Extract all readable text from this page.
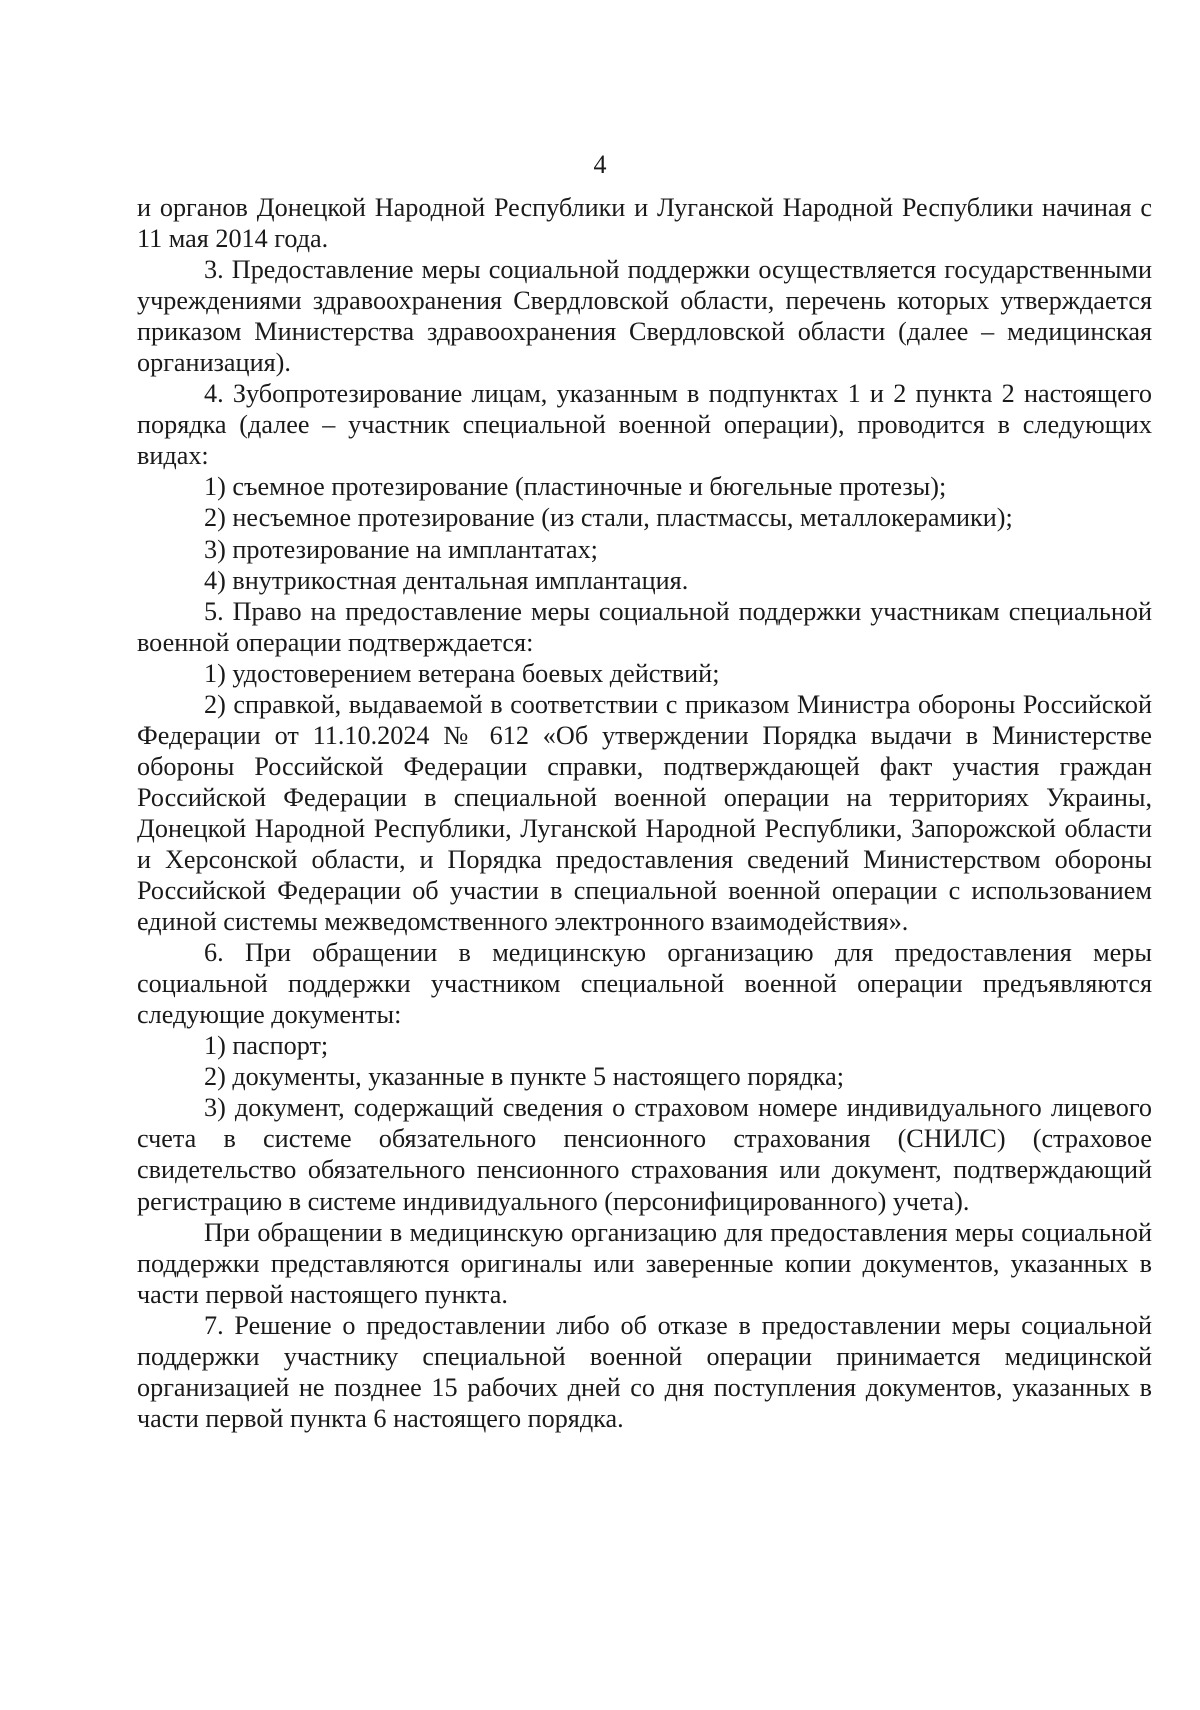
4

и органов Донецкой Народной Республики и Луганской Народной Республики начиная с 11 мая 2014 года.

3. Предоставление меры социальной поддержки осуществляется государственными учреждениями здравоохранения Свердловской области, перечень которых утверждается приказом Министерства здравоохранения Свердловской области (далее – медицинская организация).

4. Зубопротезирование лицам, указанным в подпунктах 1 и 2 пункта 2 настоящего порядка (далее – участник специальной военной операции), проводится в следующих видах:

1) съемное протезирование (пластиночные и бюгельные протезы);

2) несъемное протезирование (из стали, пластмассы, металлокерамики);

3) протезирование на имплантатах;

4) внутрикостная дентальная имплантация.

5. Право на предоставление меры социальной поддержки участникам специальной военной операции подтверждается:

1) удостоверением ветерана боевых действий;

2) справкой, выдаваемой в соответствии с приказом Министра обороны Российской Федерации от 11.10.2024 № 612 «Об утверждении Порядка выдачи в Министерстве обороны Российской Федерации справки, подтверждающей факт участия граждан Российской Федерации в специальной военной операции на территориях Украины, Донецкой Народной Республики, Луганской Народной Республики, Запорожской области и Херсонской области, и Порядка предоставления сведений Министерством обороны Российской Федерации об участии в специальной военной операции с использованием единой системы межведомственного электронного взаимодействия».

6. При обращении в медицинскую организацию для предоставления меры социальной поддержки участником специальной военной операции предъявляются следующие документы:

1) паспорт;

2) документы, указанные в пункте 5 настоящего порядка;

3) документ, содержащий сведения о страховом номере индивидуального лицевого счета в системе обязательного пенсионного страхования (СНИЛС) (страховое свидетельство обязательного пенсионного страхования или документ, подтверждающий регистрацию в системе индивидуального (персонифицированного) учета).

При обращении в медицинскую организацию для предоставления меры социальной поддержки представляются оригиналы или заверенные копии документов, указанных в части первой настоящего пункта.

7. Решение о предоставлении либо об отказе в предоставлении меры социальной поддержки участнику специальной военной операции принимается медицинской организацией не позднее 15 рабочих дней со дня поступления документов, указанных в части первой пункта 6 настоящего порядка.
